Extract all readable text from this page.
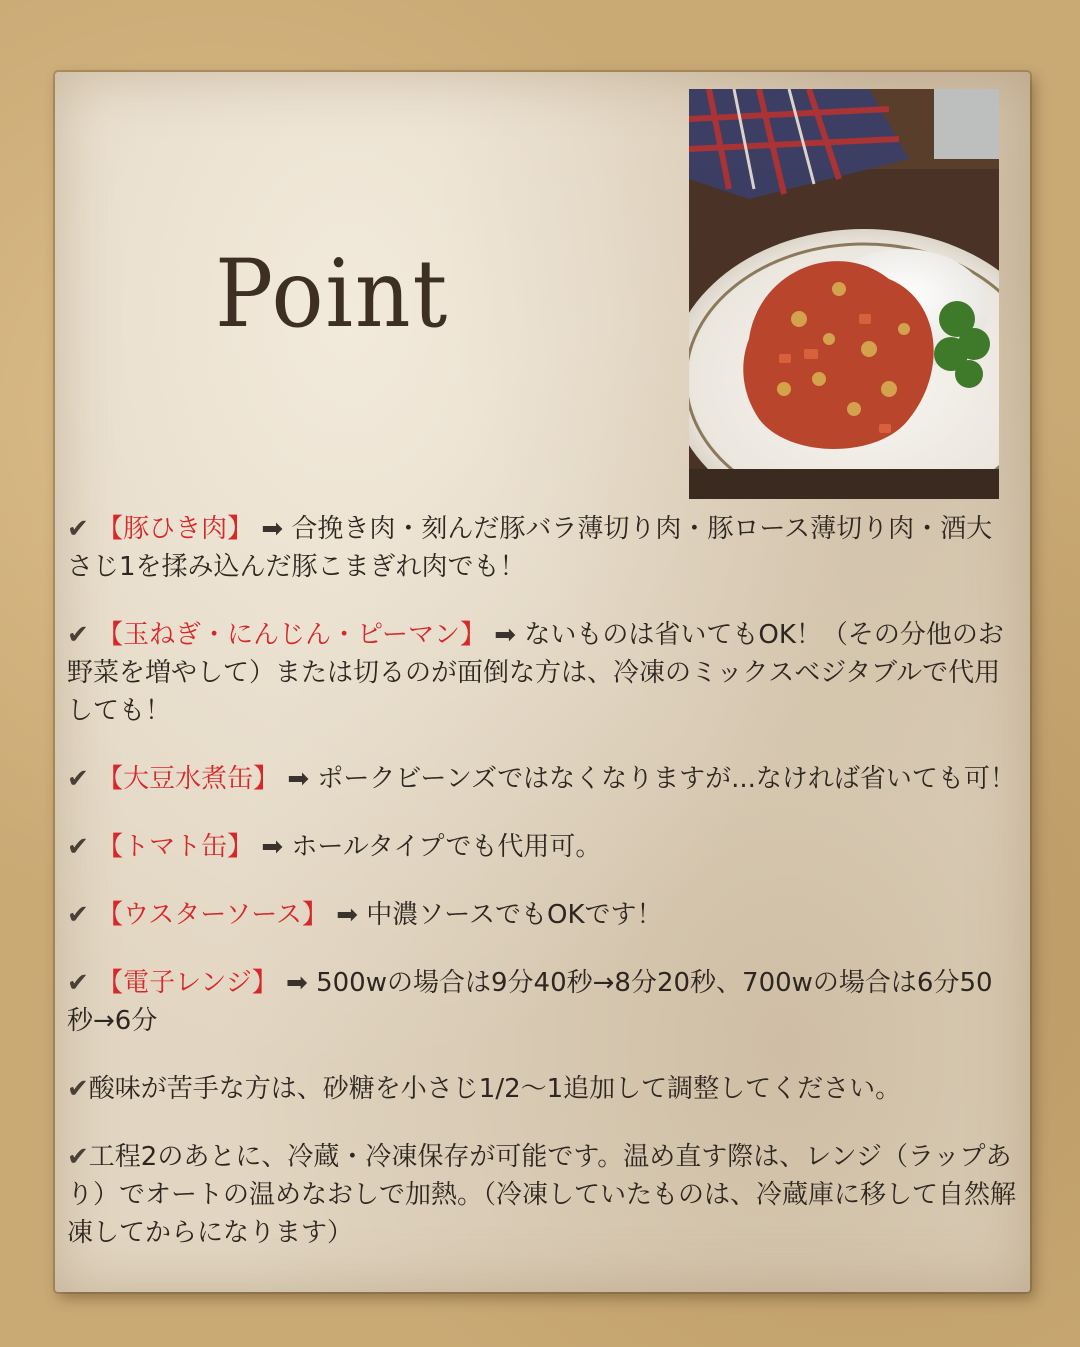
Point
✔ 【豚ひき肉】 ➡ 合挽き肉・刻んだ豚バラ薄切り肉・豚ロース薄切り肉・酒大さじ1を揉み込んだ豚こまぎれ肉でも！
✔ 【玉ねぎ・にんじん・ピーマン】 ➡ ないものは省いてもOK！（その分他のお野菜を増やして）または切るのが面倒な方は、冷凍のミックスベジタブルで代用しても！
✔ 【大豆水煮缶】 ➡ ポークビーンズではなくなりますが...なければ省いても可！
✔ 【トマト缶】 ➡ ホールタイプでも代用可。
✔ 【ウスターソース】 ➡ 中濃ソースでもOKです！
✔ 【電子レンジ】 ➡ 500wの場合は9分40秒→8分20秒、700wの場合は6分50秒→6分
✔酸味が苦手な方は、砂糖を小さじ1/2〜1追加して調整してください。
✔工程2のあとに、冷蔵・冷凍保存が可能です。温め直す際は、レンジ（ラップあり）でオートの温めなおしで加熱。（冷凍していたものは、冷蔵庫に移して自然解凍してからになります）
